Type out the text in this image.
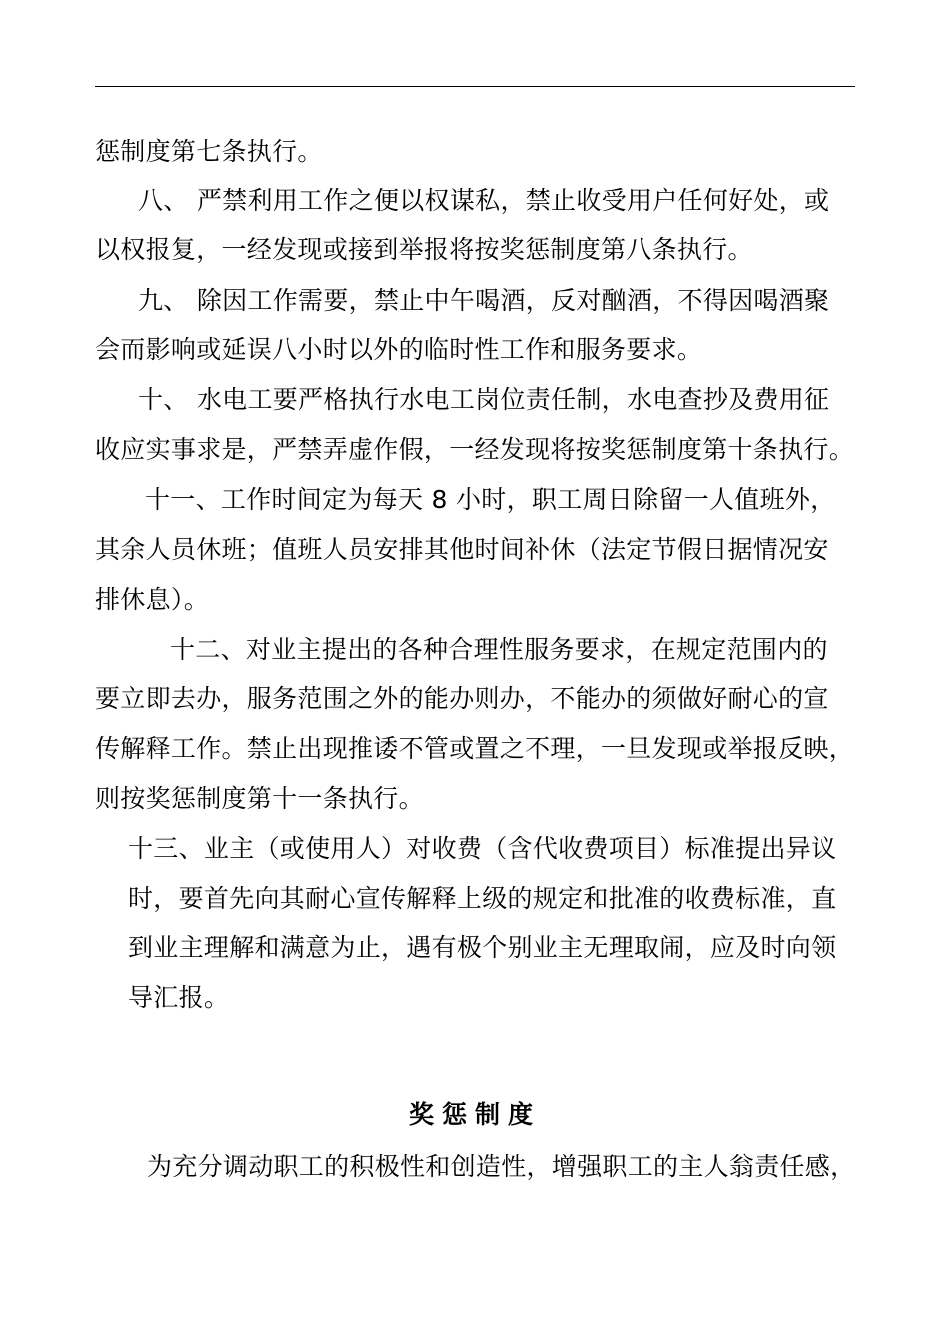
惩制度第七条执行。
八、 严禁利用工作之便以权谋私，禁止收受用户任何好处，或
以权报复，一经发现或接到举报将按奖惩制度第八条执行。
九、 除因工作需要，禁止中午喝酒，反对酗酒，不得因喝酒聚
会而影响或延误八小时以外的临时性工作和服务要求。
十、 水电工要严格执行水电工岗位责任制，水电查抄及费用征
收应实事求是，严禁弄虚作假，一经发现将按奖惩制度第十条执行。
十一、工作时间定为每天 8 小时，职工周日除留一人值班外，
其余人员休班；值班人员安排其他时间补休（法定节假日据情况安
排休息）。
十二、对业主提出的各种合理性服务要求，在规定范围内的
要立即去办，服务范围之外的能办则办，不能办的须做好耐心的宣
传解释工作。禁止出现推诿不管或置之不理，一旦发现或举报反映，
则按奖惩制度第十一条执行。
十三、业主（或使用人）对收费（含代收费项目）标准提出异议
时，要首先向其耐心宣传解释上级的规定和批准的收费标准，直
到业主理解和满意为止，遇有极个别业主无理取闹，应及时向领
导汇报。
奖惩制度
为充分调动职工的积极性和创造性，增强职工的主人翁责任感，
